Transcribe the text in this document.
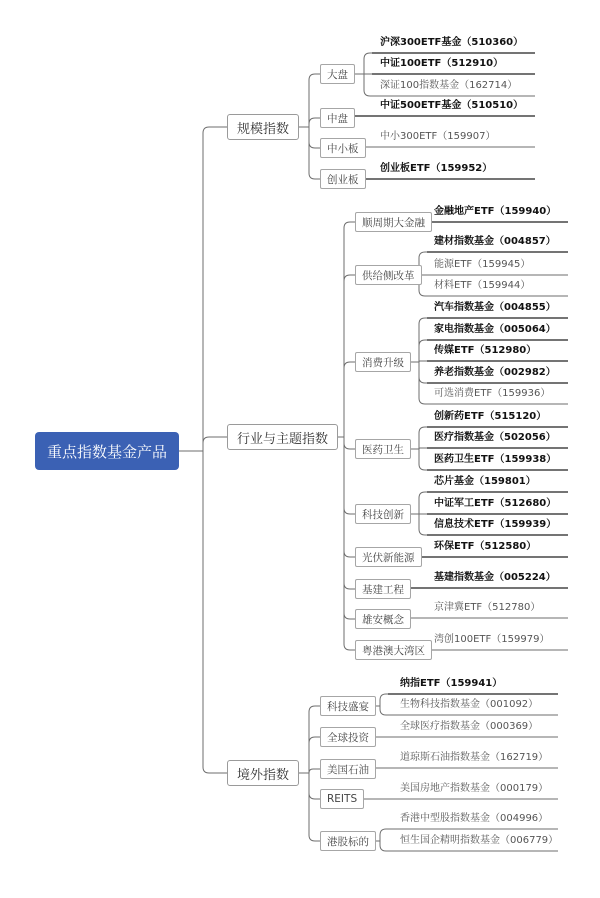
重点指数基金产品
规模指数
大盘
沪深300ETF基金（510360）
中证100ETF（512910）
深证100指数基金（162714）
中盘
中证500ETF基金（510510）
中小板
中小300ETF（159907）
创业板
创业板ETF（159952）
行业与主题指数
顺周期大金融
金融地产ETF（159940）
供给侧改革
建材指数基金（004857）
能源ETF（159945）
材料ETF（159944）
消费升级
汽车指数基金（004855）
家电指数基金（005064）
传媒ETF（512980）
养老指数基金（002982）
可选消费ETF（159936）
医药卫生
创新药ETF（515120）
医疗指数基金（502056）
医药卫生ETF（159938）
科技创新
芯片基金（159801）
中证军工ETF（512680）
信息技术ETF（159939）
光伏新能源
环保ETF（512580）
基建工程
基建指数基金（005224）
雄安概念
京津冀ETF（512780）
粤港澳大湾区
湾创100ETF（159979）
境外指数
科技盛宴
纳指ETF（159941）
生物科技指数基金（001092）
全球投资
全球医疗指数基金（000369）
美国石油
道琼斯石油指数基金（162719）
REITS
美国房地产指数基金（000179）
港股标的
香港中型股指数基金（004996）
恒生国企精明指数基金（006779）
